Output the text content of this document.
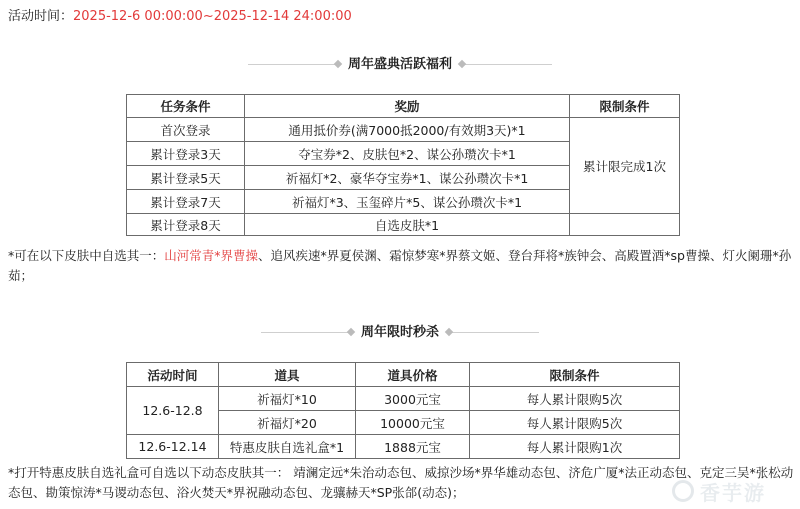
活动时间：2025-12-6 00:00:00~2025-12-14 24:00:00
周年盛典活跃福利
任务条件	奖励	限制条件
首次登录	通用抵价券(满7000抵2000/有效期3天)*1	累计限完成1次
累计登录3天	夺宝券*2、皮肤包*2、谋公孙瓒次卡*1	
累计登录5天	祈福灯*2、豪华夺宝券*1、谋公孙瓒次卡*1	
累计登录7天	祈福灯*3、玉玺碎片*5、谋公孙瓒次卡*1	
累计登录8天	自选皮肤*1	
*可在以下皮肤中自选其一：山河常青*界曹操、追风疾速*界夏侯渊、霜惊梦寒*界蔡文姬、登台拜将*族钟会、高殿置酒*sp曹操、灯火阑珊*孙茹；
周年限时秒杀
活动时间	道具	道具价格	限制条件
12.6-12.8	祈福灯*10	3000元宝	每人累计限购5次
	祈福灯*20	10000元宝	每人累计限购5次
12.6-12.14	特惠皮肤自选礼盒*1	1888元宝	每人累计限购1次
*打开特惠皮肤自选礼盒可自选以下动态皮肤其一： 靖澜定远*朱治动态包、威掠沙场*界华雄动态包、济危广厦*法正动态包、克定三吴*张松动态包、勘策惊涛*马谡动态包、浴火焚天*界祝融动态包、龙骧赫天*SP张郃(动态)；	香芋游
